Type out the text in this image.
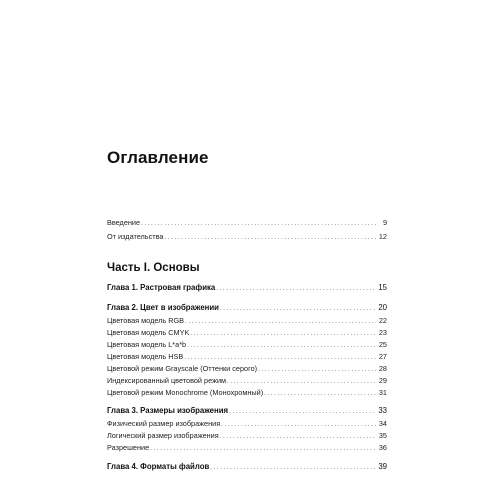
Оглавление
Введение . . .	9
От издательства . . .	12
Часть I. Основы
Глава 1. Растровая графика . . .	15
Глава 2. Цвет в изображении . . .	20
Цветовая модель RGB . . .	22
Цветовая модель CMYK . . .	23
Цветовая модель L*a*b . . .	25
Цветовая модель HSB . . .	27
Цветовой режим Grayscale (Оттенки серого) . . .	28
Индексированный цветовой режим . . .	29
Цветовой режим Monochrome (Монохромный) . . .	31
Глава 3. Размеры изображения . . .	33
Физический размер изображения . . .	34
Логический размер изображения . . .	35
Разрешение . . .	36
Глава 4. Форматы файлов . . .	39
